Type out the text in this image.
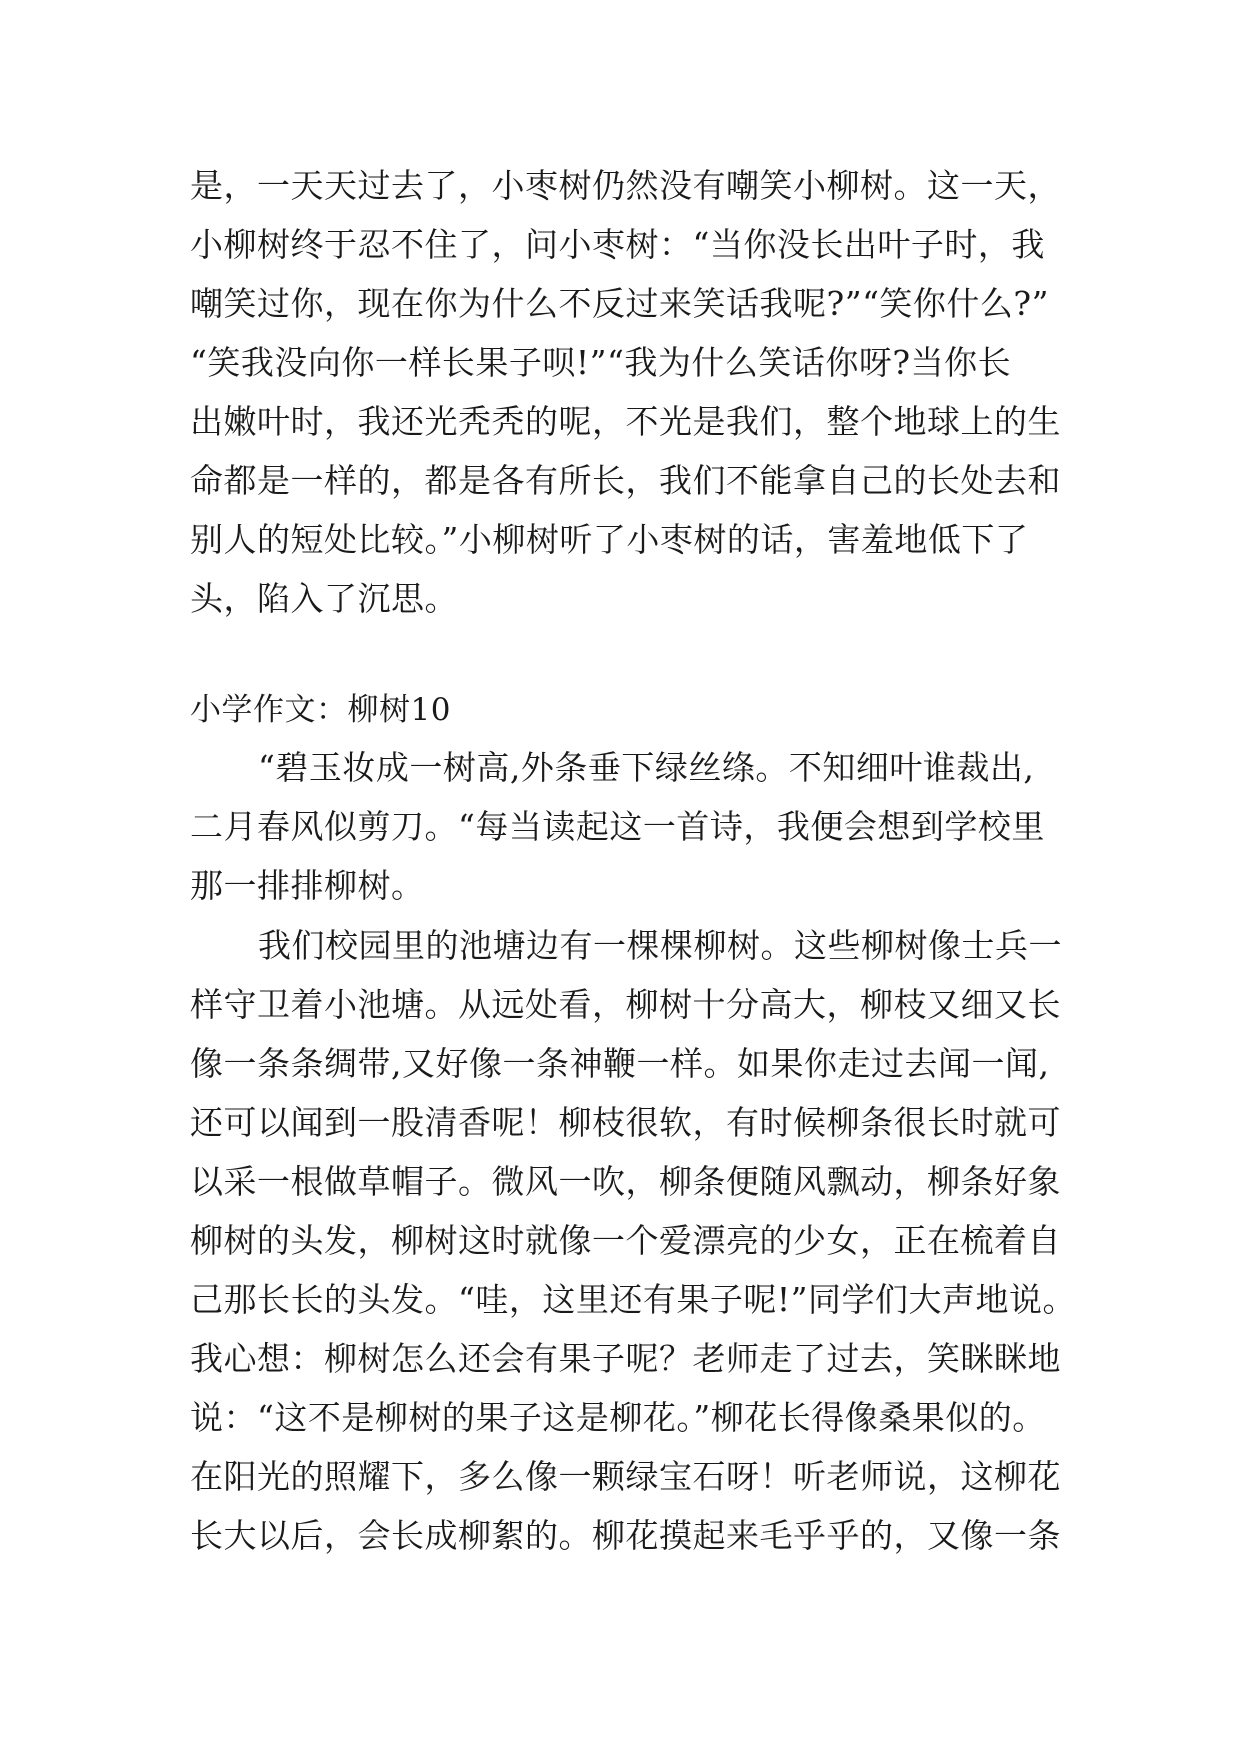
是，一天天过去了，小枣树仍然没有嘲笑小柳树。这一天，
小柳树终于忍不住了，问小枣树：“当你没长出叶子时，我
嘲笑过你，现在你为什么不反过来笑话我呢?”“笑你什么?”
“笑我没向你一样长果子呗!”“我为什么笑话你呀?当你长
出嫩叶时，我还光秃秃的呢，不光是我们，整个地球上的生
命都是一样的，都是各有所长，我们不能拿自己的长处去和
别人的短处比较。”小柳树听了小枣树的话，害羞地低下了
头，陷入了沉思。
小学作文：柳树10
“碧玉妆成一树高,外条垂下绿丝绦。不知细叶谁裁出,
二月春风似剪刀。“每当读起这一首诗，我便会想到学校里
那一排排柳树。
我们校园里的池塘边有一棵棵柳树。这些柳树像士兵一
样守卫着小池塘。从远处看，柳树十分高大，柳枝又细又长
像一条条绸带,又好像一条神鞭一样。如果你走过去闻一闻,
还可以闻到一股清香呢！柳枝很软，有时候柳条很长时就可
以采一根做草帽子。微风一吹，柳条便随风飘动，柳条好象
柳树的头发，柳树这时就像一个爱漂亮的少女，正在梳着自
己那长长的头发。“哇，这里还有果子呢!”同学们大声地说。
我心想：柳树怎么还会有果子呢？老师走了过去，笑眯眯地
说：“这不是柳树的果子这是柳花。”柳花长得像桑果似的。
在阳光的照耀下，多么像一颗绿宝石呀！听老师说，这柳花
长大以后，会长成柳絮的。柳花摸起来毛乎乎的，又像一条
